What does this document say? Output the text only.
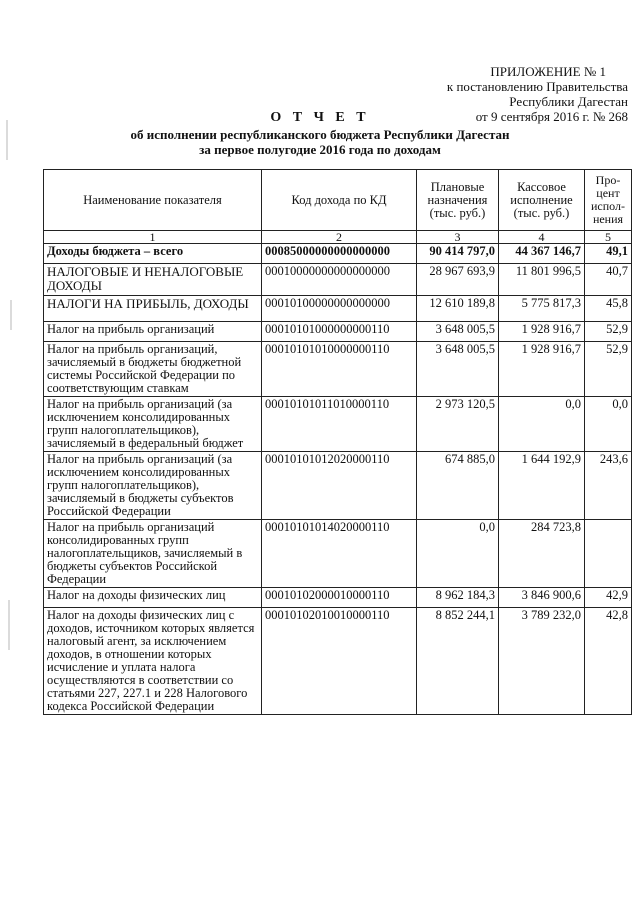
ПРИЛОЖЕНИЕ № 1
к постановлению Правительства
Республики Дагестан
от 9 сентября 2016 г. № 268
О Т Ч Е Т
об исполнении республиканского бюджета Республики Дагестан
за первое полугодие 2016 года по доходам
Наименование показателя	Код дохода по КД	Плановые назначения (тыс. руб.)	Кассовое исполнение (тыс. руб.)	Про-цент испол-нения
1	2	3	4	5
Доходы бюджета – всего	00085000000000000000	90 414 797,0	44 367 146,7	49,1
НАЛОГОВЫЕ И НЕНАЛОГОВЫЕ ДОХОДЫ	00010000000000000000	28 967 693,9	11 801 996,5	40,7
НАЛОГИ НА ПРИБЫЛЬ, ДОХОДЫ	00010100000000000000	12 610 189,8	5 775 817,3	45,8
Налог на прибыль организаций	00010101000000000110	3 648 005,5	1 928 916,7	52,9
Налог на прибыль организаций, зачисляемый в бюджеты бюджетной системы Российской Федерации по соответствующим ставкам	00010101010000000110	3 648 005,5	1 928 916,7	52,9
Налог на прибыль организаций (за исключением консолидированных групп налогоплательщиков), зачисляемый в федеральный бюджет	00010101011010000110	2 973 120,5	0,0	0,0
Налог на прибыль организаций (за исключением консолидированных групп налогоплательщиков), зачисляемый в бюджеты субъектов Российской Федерации	00010101012020000110	674 885,0	1 644 192,9	243,6
Налог на прибыль организаций консолидированных групп налогоплательщиков, зачисляемый в бюджеты субъектов Российской Федерации	00010101014020000110	0,0	284 723,8	
Налог на доходы физических лиц	00010102000010000110	8 962 184,3	3 846 900,6	42,9
Налог на доходы физических лиц с доходов, источником которых является налоговый агент, за исключением доходов, в отношении которых исчисление и уплата налога осуществляются в соответствии со статьями 227, 227.1 и 228 Налогового кодекса Российской Федерации	00010102010010000110	8 852 244,1	3 789 232,0	42,8
